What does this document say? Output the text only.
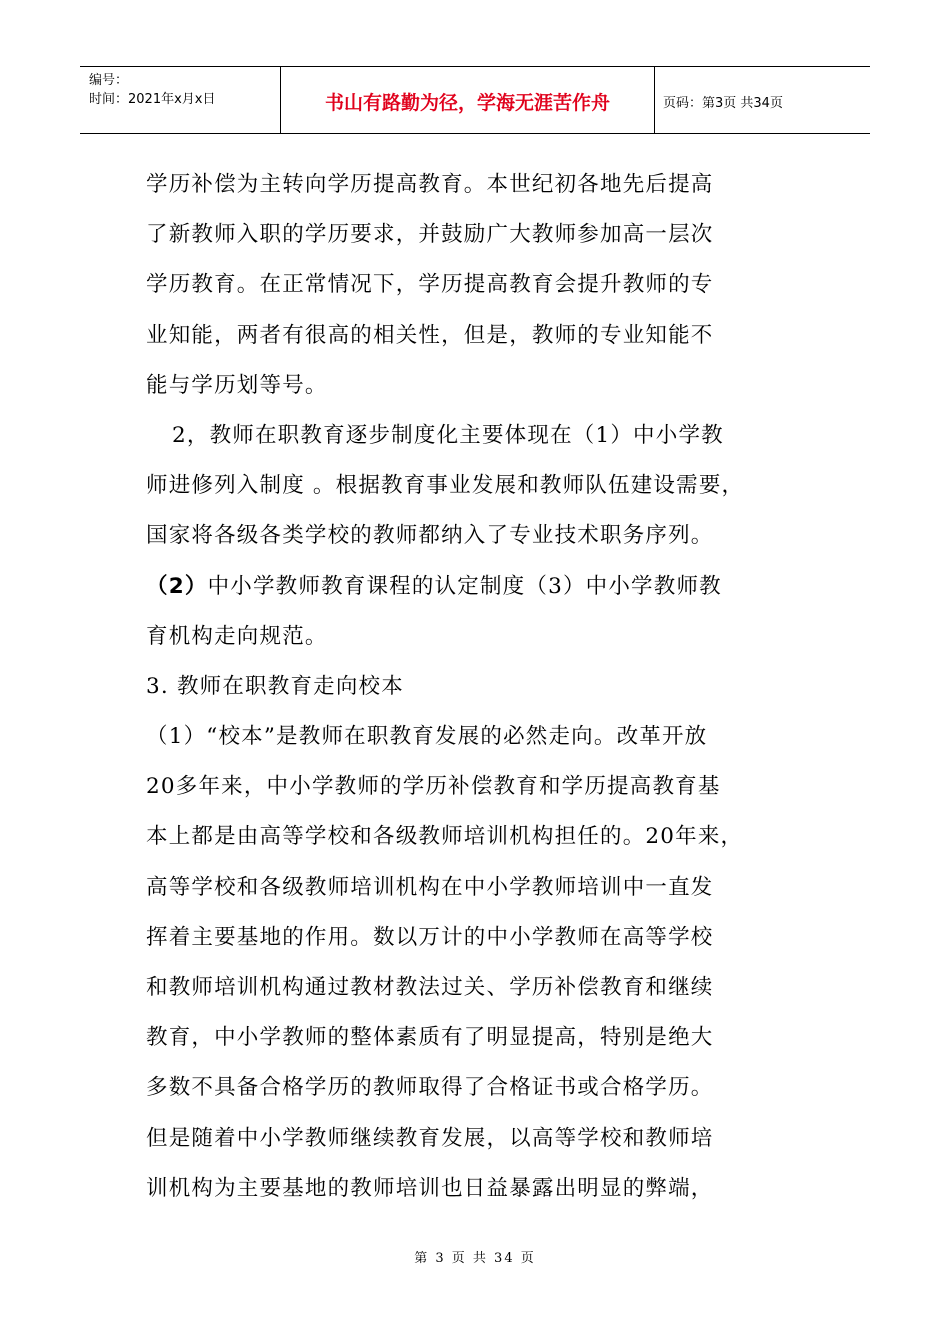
编号：
时间：2021年x月x日	书山有路勤为径，学海无涯苦作舟	页码：第3页 共34页
学历补偿为主转向学历提高教育。本世纪初各地先后提高
了新教师入职的学历要求，并鼓励广大教师参加高一层次
学历教育。在正常情况下，学历提高教育会提升教师的专
业知能，两者有很高的相关性，但是，教师的专业知能不
能与学历划等号。
2，教师在职教育逐步制度化主要体现在（1）中小学教
师进修列入制度 。根据教育事业发展和教师队伍建设需要，
国家将各级各类学校的教师都纳入了专业技术职务序列。
（2）中小学教师教育课程的认定制度（3）中小学教师教
育机构走向规范。
3. 教师在职教育走向校本
（1）“校本”是教师在职教育发展的必然走向。改革开放
20多年来，中小学教师的学历补偿教育和学历提高教育基
本上都是由高等学校和各级教师培训机构担任的。20年来，
高等学校和各级教师培训机构在中小学教师培训中一直发
挥着主要基地的作用。数以万计的中小学教师在高等学校
和教师培训机构通过教材教法过关、学历补偿教育和继续
教育，中小学教师的整体素质有了明显提高，特别是绝大
多数不具备合格学历的教师取得了合格证书或合格学历。
但是随着中小学教师继续教育发展，以高等学校和教师培
训机构为主要基地的教师培训也日益暴露出明显的弊端，
第 3 页 共 34 页
